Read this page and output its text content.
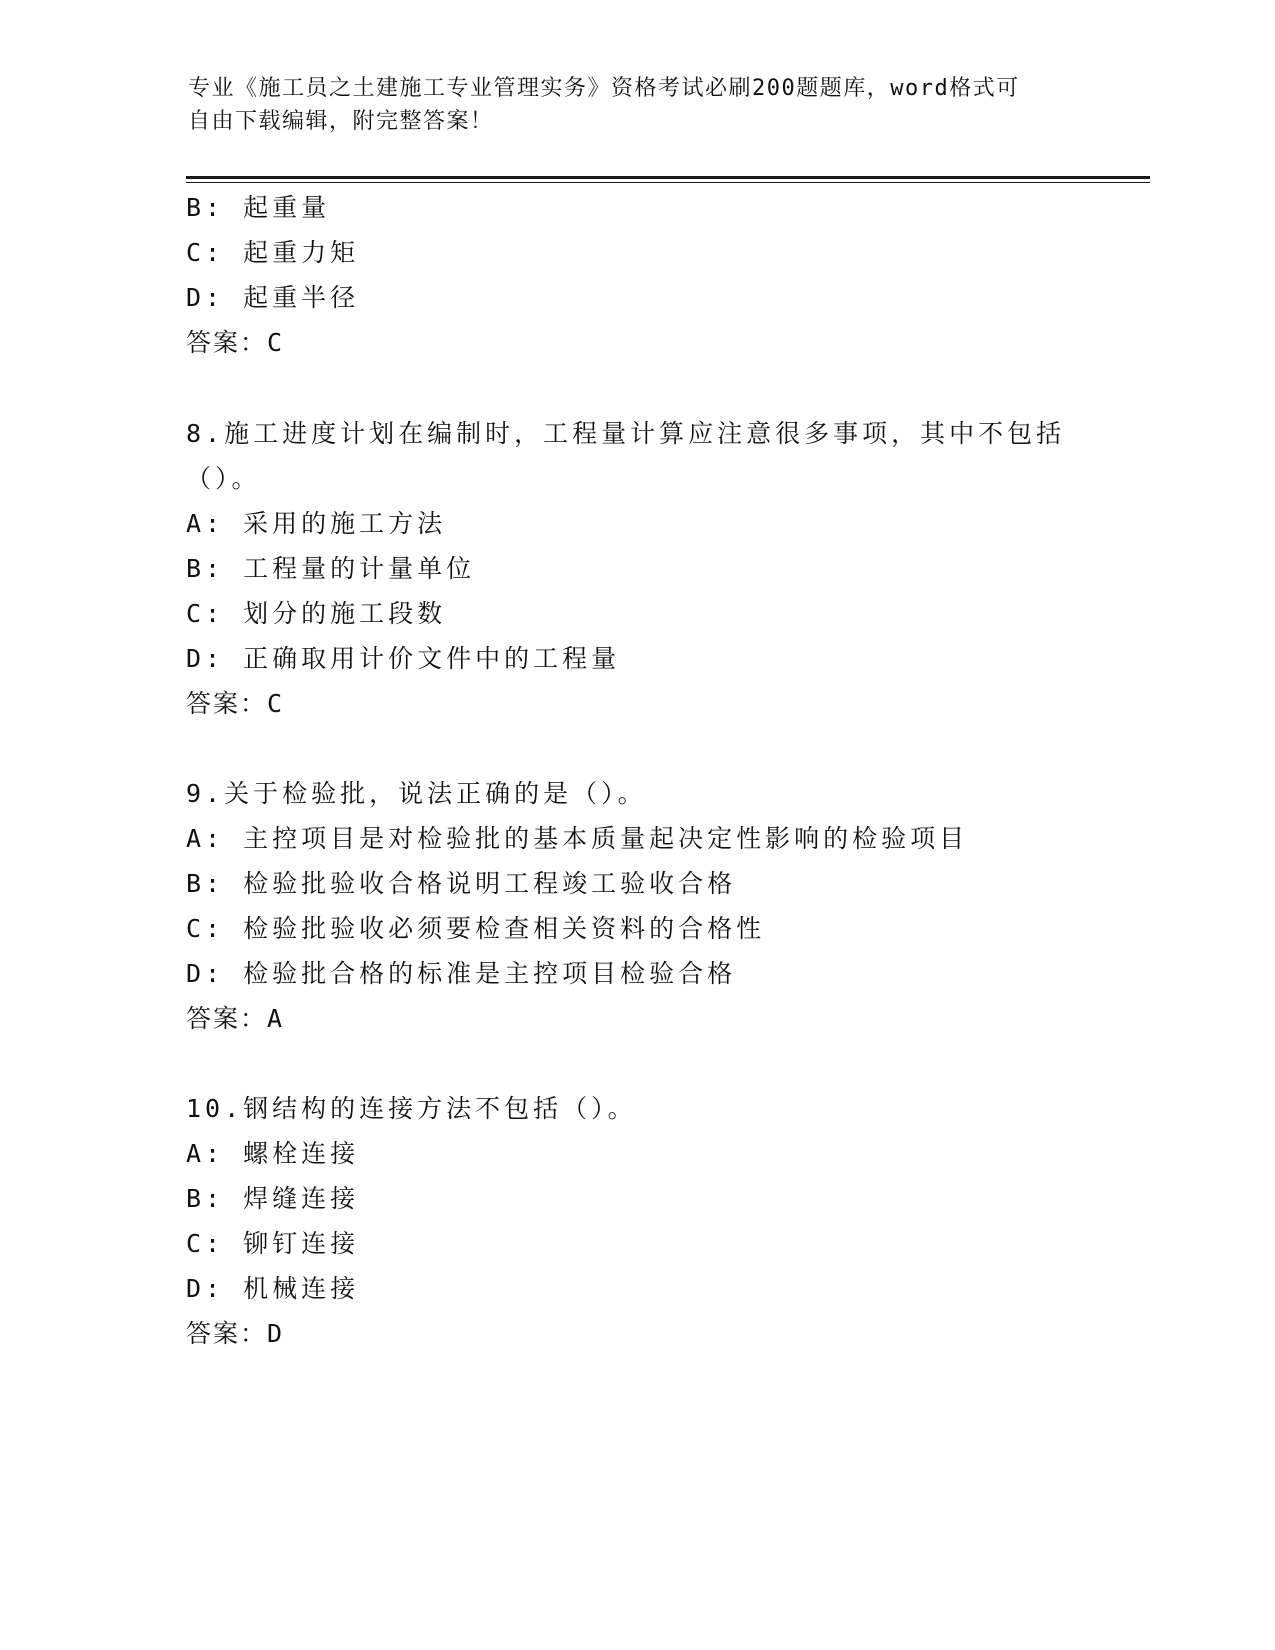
专业《施工员之土建施工专业管理实务》资格考试必刷200题题库，word格式可
自由下载编辑，附完整答案！
B: 起重量
C: 起重力矩
D: 起重半径
答案：C
8.施工进度计划在编制时，工程量计算应注意很多事项，其中不包括
（）。
A: 采用的施工方法
B: 工程量的计量单位
C: 划分的施工段数
D: 正确取用计价文件中的工程量
答案：C
9.关于检验批，说法正确的是（）。
A: 主控项目是对检验批的基本质量起决定性影响的检验项目
B: 检验批验收合格说明工程竣工验收合格
C: 检验批验收必须要检查相关资料的合格性
D: 检验批合格的标准是主控项目检验合格
答案：A
10.钢结构的连接方法不包括（）。
A: 螺栓连接
B: 焊缝连接
C: 铆钉连接
D: 机械连接
答案：D
